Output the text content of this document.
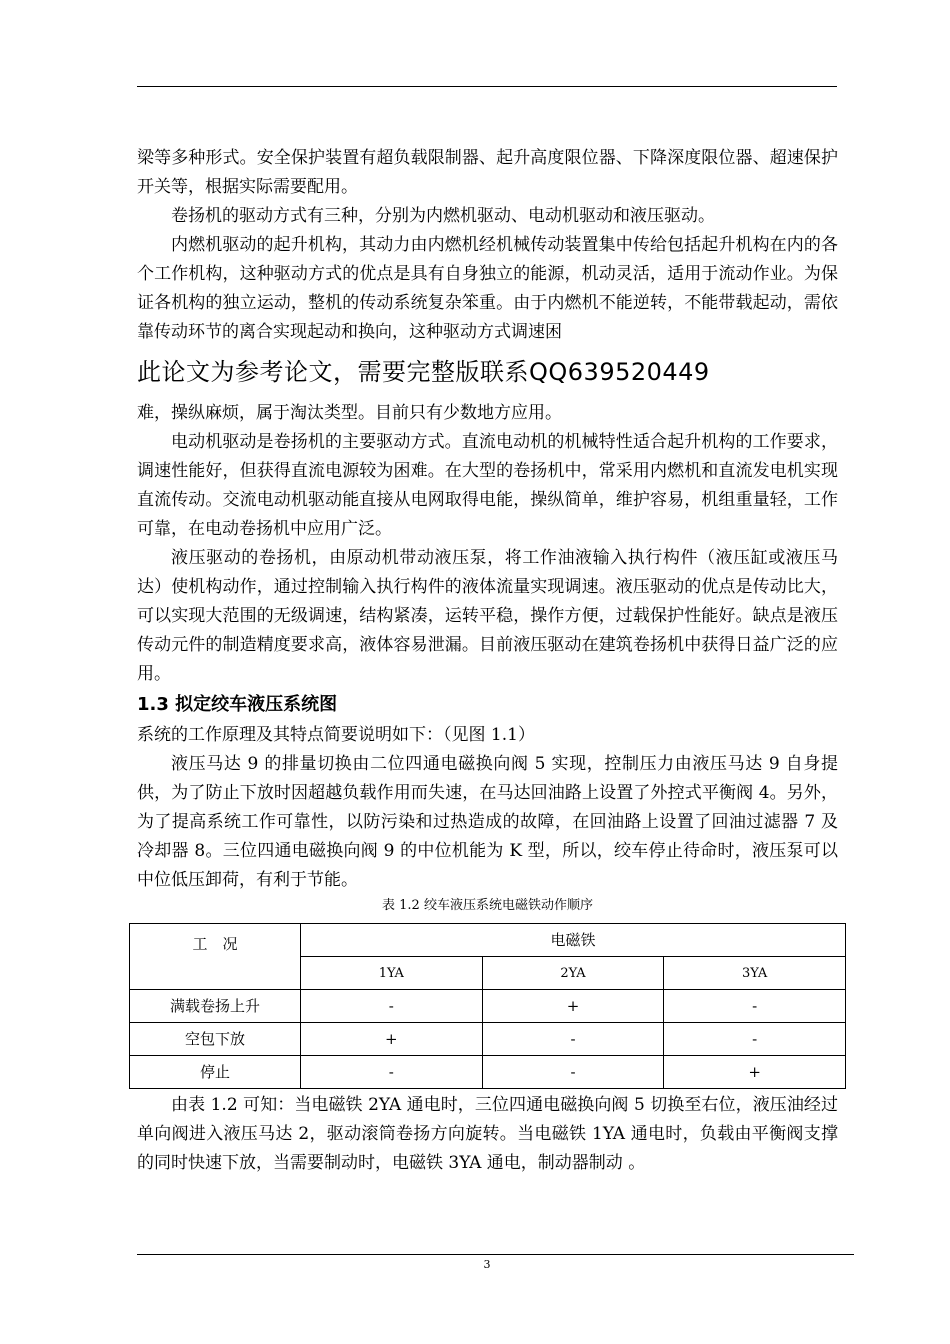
梁等多种形式。安全保护装置有超负载限制器、起升高度限位器、下降深度限位器、超速保护开关等，根据实际需要配用。

卷扬机的驱动方式有三种，分别为内燃机驱动、电动机驱动和液压驱动。

内燃机驱动的起升机构，其动力由内燃机经机械传动装置集中传给包括起升机构在内的各个工作机构，这种驱动方式的优点是具有自身独立的能源，机动灵活，适用于流动作业。为保证各机构的独立运动，整机的传动系统复杂笨重。由于内燃机不能逆转，不能带载起动，需依靠传动环节的离合实现起动和换向，这种驱动方式调速困

此论文为参考论文，需要完整版联系QQ639520449

难，操纵麻烦，属于淘汰类型。目前只有少数地方应用。

电动机驱动是卷扬机的主要驱动方式。直流电动机的机械特性适合起升机构的工作要求，调速性能好，但获得直流电源较为困难。在大型的卷扬机中，常采用内燃机和直流发电机实现直流传动。交流电动机驱动能直接从电网取得电能，操纵简单，维护容易，机组重量轻，工作可靠，在电动卷扬机中应用广泛。

液压驱动的卷扬机，由原动机带动液压泵，将工作油液输入执行构件（液压缸或液压马达）使机构动作，通过控制输入执行构件的液体流量实现调速。液压驱动的优点是传动比大，可以实现大范围的无级调速，结构紧凑，运转平稳，操作方便，过载保护性能好。缺点是液压传动元件的制造精度要求高，液体容易泄漏。目前液压驱动在建筑卷扬机中获得日益广泛的应用。

1.3 拟定绞车液压系统图

系统的工作原理及其特点简要说明如下：（见图 1.1）

液压马达 9 的排量切换由二位四通电磁换向阀 5 实现，控制压力由液压马达 9 自身提供，为了防止下放时因超越负载作用而失速，在马达回油路上设置了外控式平衡阀 4。另外，为了提高系统工作可靠性，以防污染和过热造成的故障，在回油路上设置了回油过滤器 7 及冷却器 8。三位四通电磁换向阀 9 的中位机能为 K 型，所以，绞车停止待命时，液压泵可以中位低压卸荷，有利于节能。

表 1.2 绞车液压系统电磁铁动作顺序

工　况	电磁铁		
	1YA	2YA	3YA
满载卷扬上升	-	+	-
空包下放	+	-	-
停止	-	-	+

由表 1.2 可知：当电磁铁 2YA 通电时，三位四通电磁换向阀 5 切换至右位，液压油经过单向阀进入液压马达 2，驱动滚筒卷扬方向旋转。当电磁铁 1YA 通电时，负载由平衡阀支撑的同时快速下放，当需要制动时，电磁铁 3YA 通电，制动器制动 。

3
